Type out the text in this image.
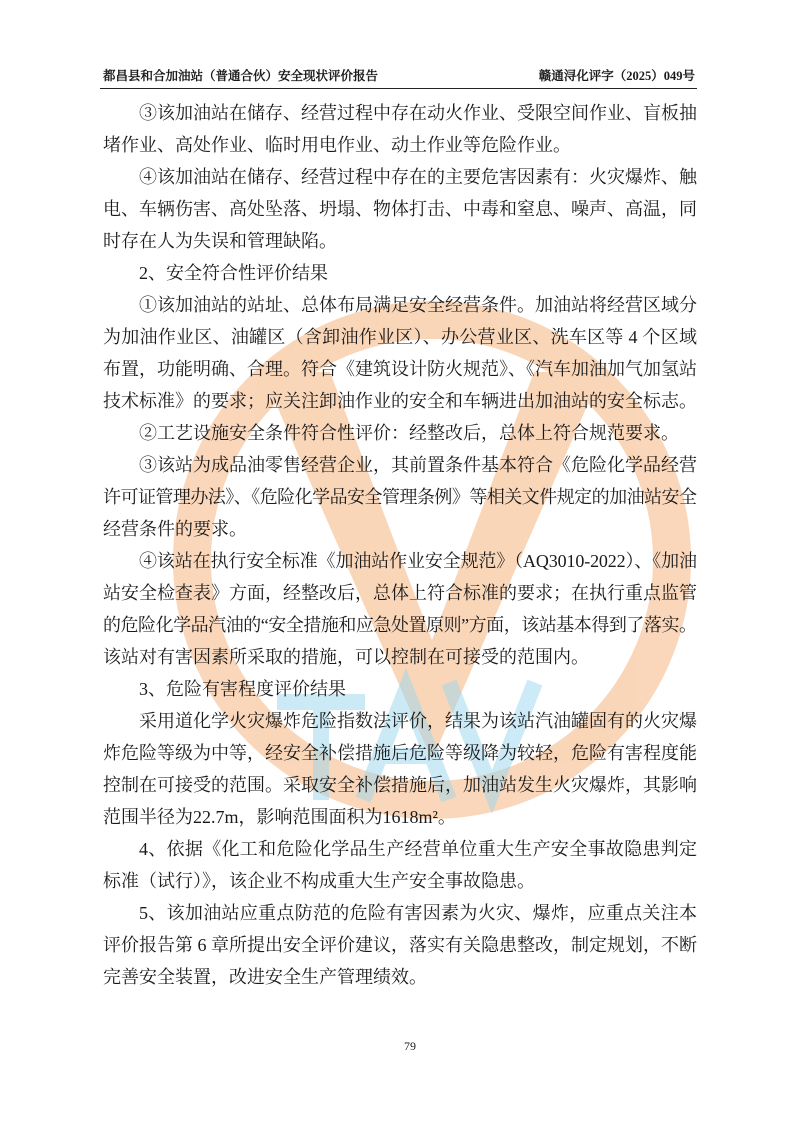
都昌县和合加油站（普通合伙）安全现状评价报告	赣通浔化评字（2025）049号
③该加油站在储存、经营过程中存在动火作业、受限空间作业、盲板抽
堵作业、高处作业、临时用电作业、动土作业等危险作业。
④该加油站在储存、经营过程中存在的主要危害因素有：火灾爆炸、触
电、车辆伤害、高处坠落、坍塌、物体打击、中毒和窒息、噪声、高温，同
时存在人为失误和管理缺陷。
2、安全符合性评价结果
①该加油站的站址、总体布局满足安全经营条件。加油站将经营区域分
为加油作业区、油罐区（含卸油作业区）、办公营业区、洗车区等 4 个区域
布置，功能明确、合理。符合《建筑设计防火规范》、《汽车加油加气加氢站
技术标准》的要求；应关注卸油作业的安全和车辆进出加油站的安全标志。
②工艺设施安全条件符合性评价：经整改后，总体上符合规范要求。
③该站为成品油零售经营企业，其前置条件基本符合《危险化学品经营
许可证管理办法》、《危险化学品安全管理条例》等相关文件规定的加油站安全
经营条件的要求。
④该站在执行安全标准《加油站作业安全规范》（AQ3010-2022）、《加油
站安全检查表》方面，经整改后，总体上符合标准的要求；在执行重点监管
的危险化学品汽油的“安全措施和应急处置原则”方面，该站基本得到了落实。
该站对有害因素所采取的措施，可以控制在可接受的范围内。
3、危险有害程度评价结果
采用道化学火灾爆炸危险指数法评价，结果为该站汽油罐固有的火灾爆
炸危险等级为中等，经安全补偿措施后危险等级降为较轻，危险有害程度能
控制在可接受的范围。采取安全补偿措施后，加油站发生火灾爆炸，其影响
范围半径为22.7m，影响范围面积为1618m²。
4、依据《化工和危险化学品生产经营单位重大生产安全事故隐患判定
标准（试行）》，该企业不构成重大生产安全事故隐患。
5、该加油站应重点防范的危险有害因素为火灾、爆炸，应重点关注本
评价报告第 6 章所提出安全评价建议，落实有关隐患整改，制定规划，不断
完善安全装置，改进安全生产管理绩效。
79
